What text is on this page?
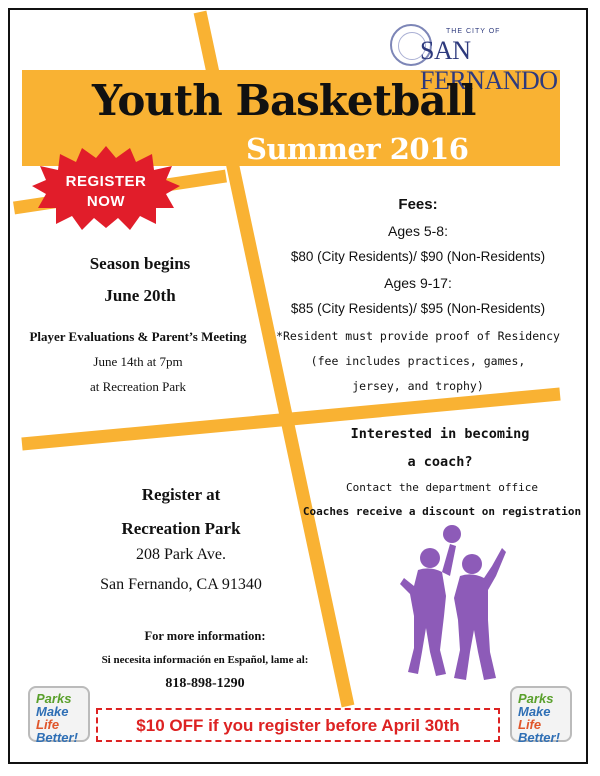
THE CITY OF
SAN FERNANDO
Youth Basketball
Summer 2016
REGISTER
NOW
Season begins
June 20th
Player Evaluations & Parent’s Meeting
June 14th at 7pm
at Recreation Park
Fees:
Ages 5-8:
$80 (City Residents)/ $90 (Non-Residents)
Ages 9-17:
$85 (City Residents)/ $95 (Non-Residents)
*Resident must provide proof of Residency
(fee includes practices, games,
jersey, and trophy)
Interested in becoming
a coach?
Contact the department office
Coaches receive a discount on registration
Register at
Recreation Park
208 Park Ave.
San Fernando, CA 91340
For more information:
Si necesita información en Español, lame al:
818-898-1290
$10 OFF if you register before April 30th
Parks
Make
Life
Better!
Parks
Make
Life
Better!
